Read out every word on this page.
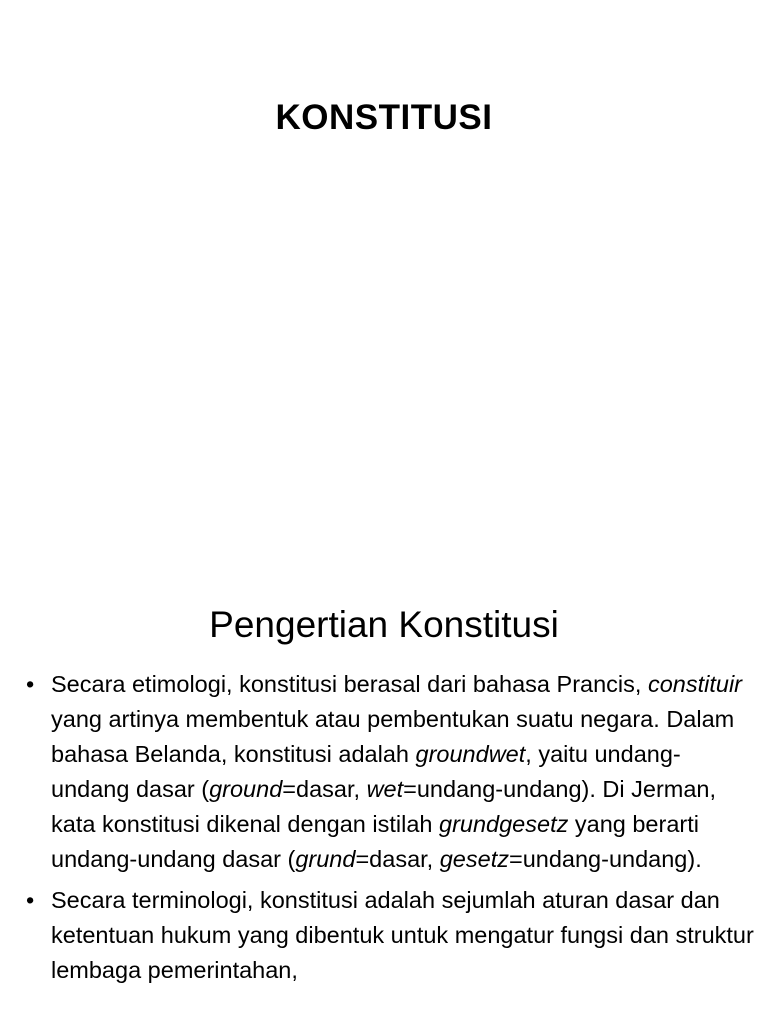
KONSTITUSI
Pengertian Konstitusi
• Secara etimologi, konstitusi berasal dari bahasa Prancis, constituir yang artinya membentuk atau pembentukan suatu negara. Dalam bahasa Belanda, konstitusi adalah groundwet, yaitu undang-undang dasar (ground=dasar, wet=undang-undang). Di Jerman, kata konstitusi dikenal dengan istilah grundgesetz yang berarti undang-undang dasar (grund=dasar, gesetz=undang-undang).
• Secara terminologi, konstitusi adalah sejumlah aturan dasar dan ketentuan hukum yang dibentuk untuk mengatur fungsi dan struktur lembaga pemerintahan,
